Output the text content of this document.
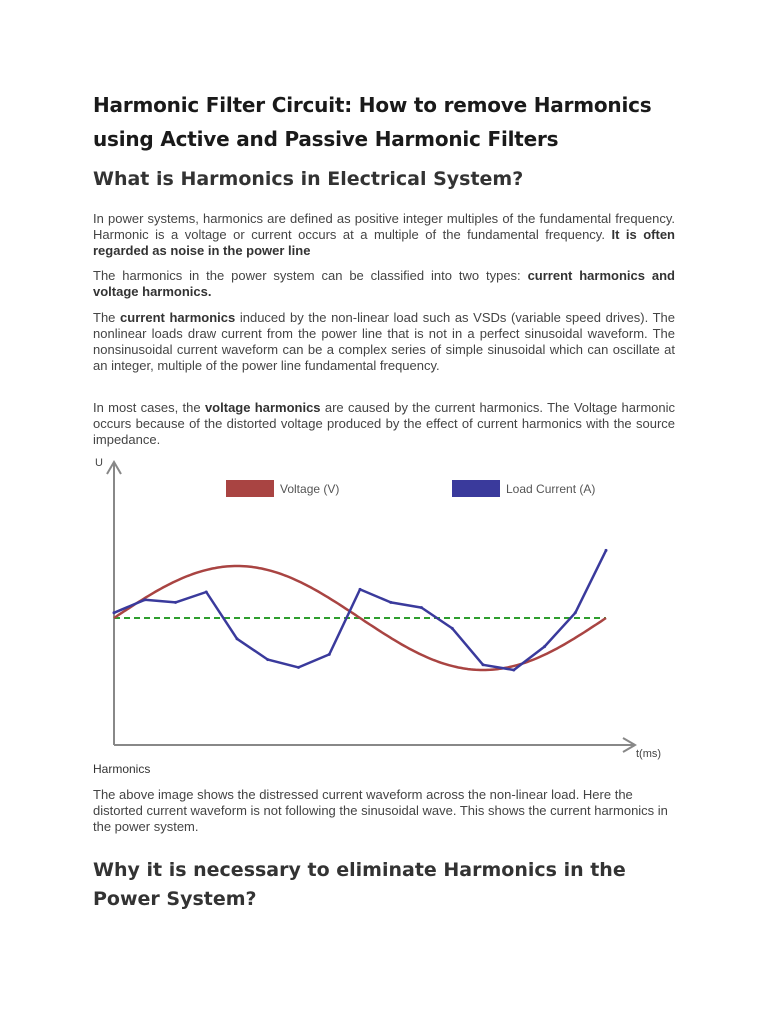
Harmonic Filter Circuit: How to remove Harmonics using Active and Passive Harmonic Filters
What is Harmonics in Electrical System?

In power systems, harmonics are defined as positive integer multiples of the fundamental frequency. Harmonic is a voltage or current occurs at a multiple of the fundamental frequency. It is often regarded as noise in the power line

The harmonics in the power system can be classified into two types: current harmonics and voltage harmonics.

The current harmonics induced by the non-linear load such as VSDs (variable speed drives). The nonlinear loads draw current from the power line that is not in a perfect sinusoidal waveform. The nonsinusoidal current waveform can be a complex series of simple sinusoidal which can oscillate at an integer, multiple of the power line fundamental frequency.

In most cases, the voltage harmonics are caused by the current harmonics. The Voltage harmonic occurs because of the distorted voltage produced by the effect of current harmonics with the source impedance.

Harmonics

The above image shows the distressed current waveform across the non-linear load. Here the distorted current waveform is not following the sinusoidal wave. This shows the current harmonics in the power system.

Why it is necessary to eliminate Harmonics in the Power System?
U
t(ms)
Voltage (V)	Load Current (A)
